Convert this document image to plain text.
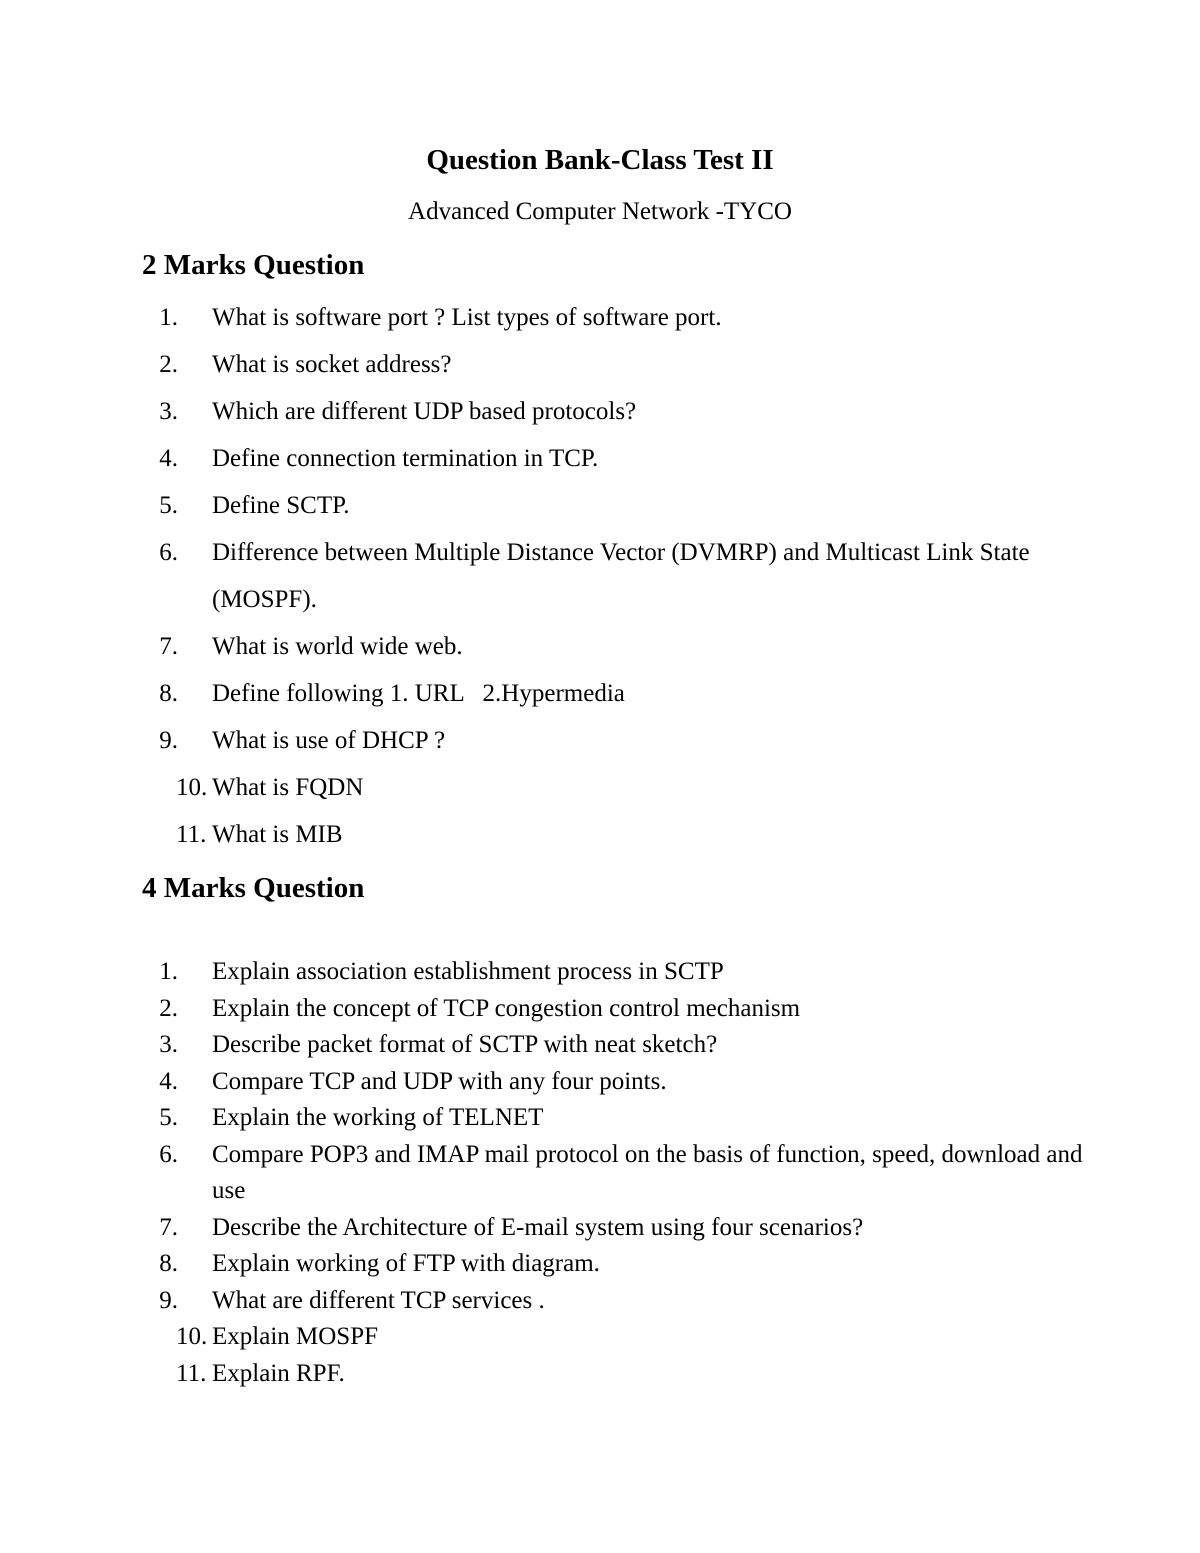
Question Bank-Class Test II
Advanced Computer Network -TYCO
2 Marks Question
1.	What is software port ? List types of software port.
2.	What is socket address?
3.	Which are different UDP based protocols?
4.	Define connection termination in TCP.
5.	Define SCTP.
6.	Difference between Multiple Distance Vector (DVMRP) and Multicast Link State (MOSPF).
7.	What is world wide web.
8.	Define following 1. URL   2.Hypermedia
9.	What is use of DHCP ?
10. What is FQDN
11. What is MIB
4 Marks Question
1.	Explain association establishment process in SCTP
2.	Explain the concept of TCP congestion control mechanism
3.	Describe packet format of SCTP with neat sketch?
4.	Compare TCP and UDP with any four points.
5.	Explain the working of TELNET
6.	Compare POP3 and IMAP mail protocol on the basis of function, speed, download and use
7.	Describe the Architecture of E-mail system using four scenarios?
8.	Explain working of FTP with diagram.
9.	What are different TCP services .
10. Explain MOSPF
11. Explain RPF.
